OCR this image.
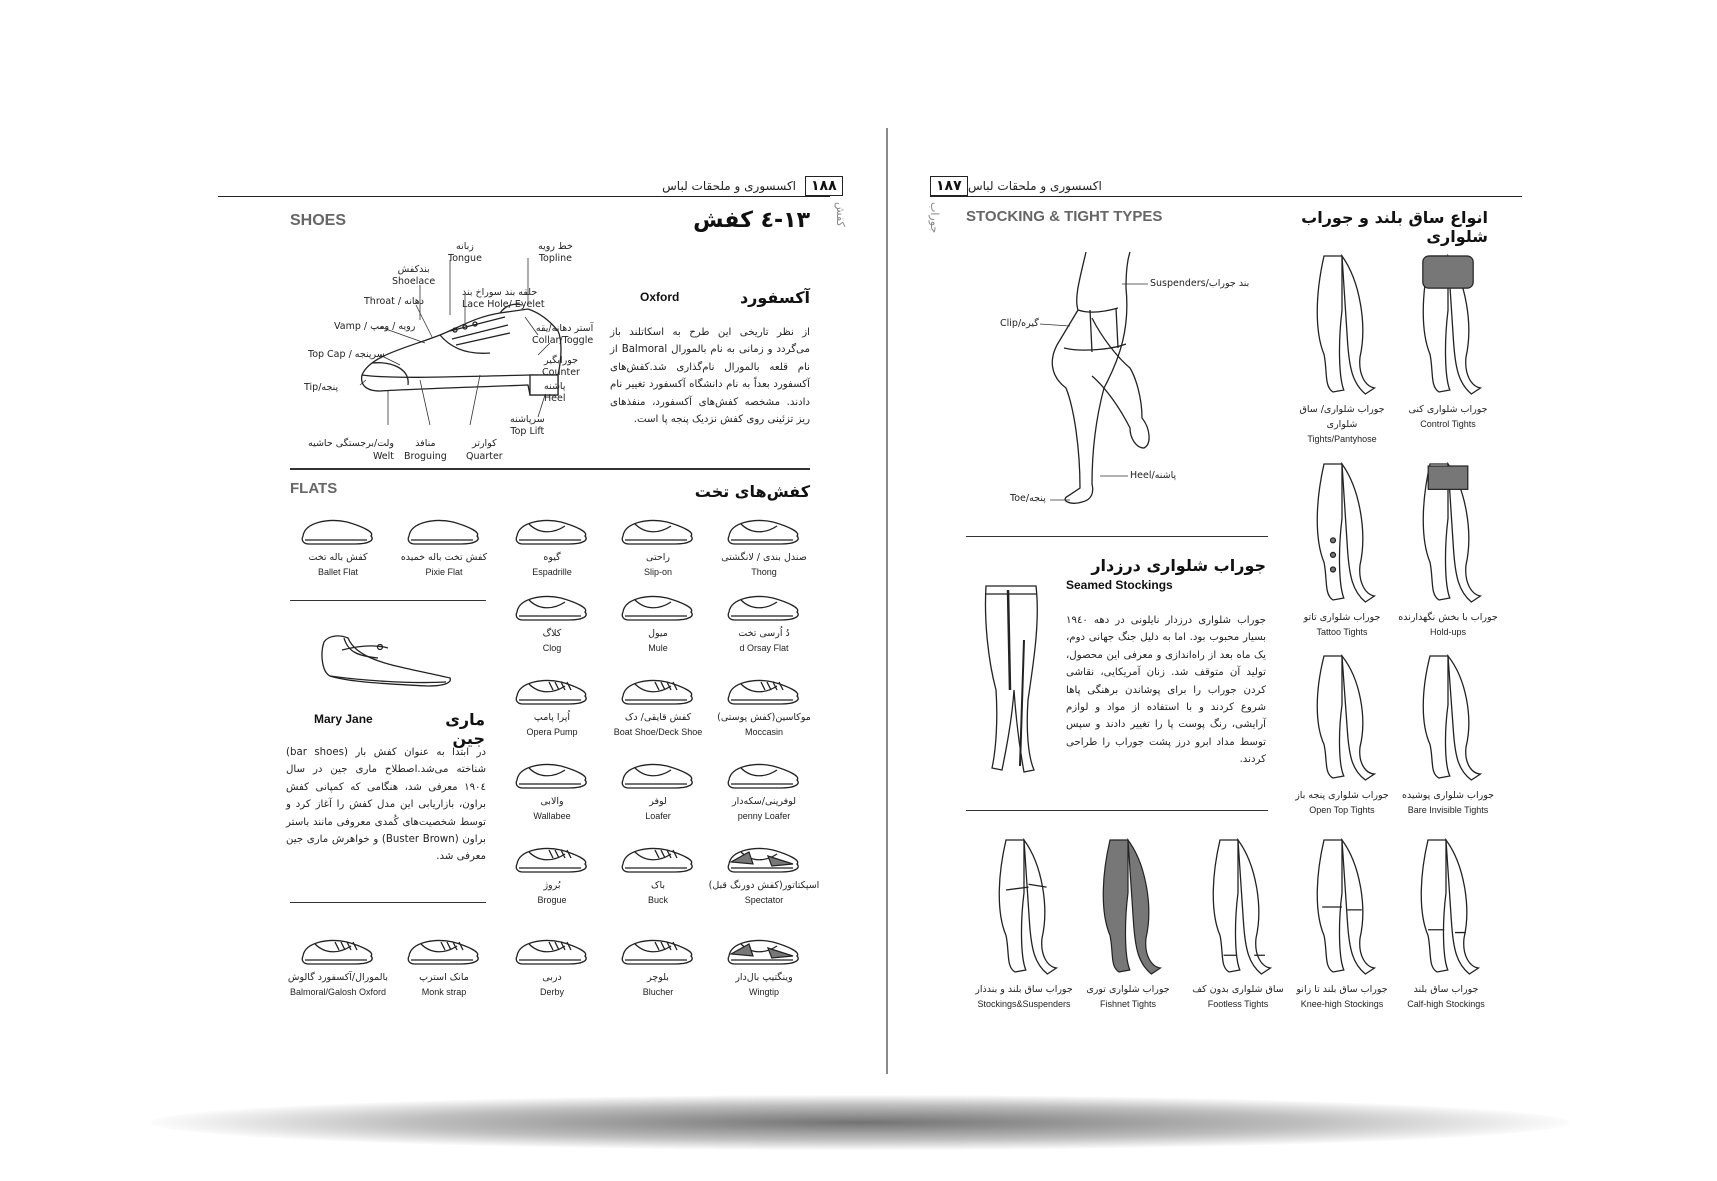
اکسسوری و ملحقات لباس	۱۸۸
کفش
SHOES	۱۳-٤ کفش
خط رویه
Topline
زبانه
Tongue
بندکفش
Shoelace
حلقه بند سوراخ بند
Lace Hole/ Eyelet
Throat / دهانه
Vamp / رویه / ومپ	آستر دهانه/یقه
Collar/Toggle
Top Cap / سرپنجه
جورابگیر
Counter
پاشنه
Heel
Tip/پنجه
سرپاشنه
Top Lift
ولت/برجستگی حاشیه
Welt
منافذ
Broguing
کوارتر
Quarter
آکسفورد
Oxford
از نظر تاریخی این طرح به اسکاتلند باز می‌گردد و زمانی به نام بالمورال Balmoral از نام قلعه بالمورال نام‌گذاری شد.کفش‌های آکسفورد بعداً به نام دانشگاه آکسفورد تغییر نام دادند. مشخصه کفش‌های آکسفورد، منفذهای ریز تزئینی روی کفش نزدیک پنجه پا است.
FLATS	کفش‌های تخت
صندل بندی / لانگشتی
Thong
راحتی
Slip-on
گیوه
Espadrille
کفش تخت باله خمیده
Pixie Flat
کفش باله تخت
Ballet Flat
دُ اُرسی تخت
d Orsay Flat
میول
Mule
کلاگ
Clog
موکاسین(کفش پوستی)
Moccasin
کفش قایقی/ دک
Boat Shoe/Deck Shoe
اُپرا پامپ
Opera Pump
لوفرپنی/سکه‌دار
penny Loafer
لوفر
Loafer
والابی
Wallabee
اسپکتاتور(کفش دورنگ قبل)
Spectator
باک
Buck
بُروژ
Brogue
ماری جین
Mary Jane
در ابتدا به عنوان کفش بار (bar shoes) شناخته می‌شد.اصطلاح ماری جین در سال ۱۹۰٤ معرفی شد، هنگامی که کمپانی کفش براون، بازاریابی این مدل کفش را آغاز کرد و توسط شخصیت‌های کُمدی معروفی مانند باستر براون (Buster Brown) و خواهرش ماری جین معرفی شد.
وینگتیپ بال‌دار
Wingtip
بلوچر
Blucher
دربی
Derby
مانک استرپ
Monk strap
بالمورال/آکسفورد گالوش
Balmoral/Galosh Oxford
۱۸۷ اکسسوری و ملحقات لباس
جوراب STOCKING & TIGHT TYPES	انواع ساق بلند و جوراب شلواری
Suspenders/بند جوراب
Clip/گیره
Heel/پاشنه
Toe/پنجه
جوراب شلواری درزدار
Seamed Stockings
جوراب شلواری درزدار نایلونی در دهه ۱۹٤۰ بسیار محبوب بود. اما به دلیل جنگ جهانی دوم، یک ماه بعد از راه‌اندازی و معرفی این محصول، تولید آن متوقف شد. زنان آمریکایی، نقاشی کردن جوراب را برای پوشاندن برهنگی پاها شروع کردند و با استفاده از مواد و لوازم آرایشی، رنگ پوست پا را تغییر دادند و سپس توسط مداد ابرو درز پشت جوراب را طراحی کردند.
جوراب شلواری کنی
Control Tights
جوراب شلواری/ ساق شلواری
Tights/Pantyhose
جوراب با بخش نگهدارنده
Hold-ups
جوراب شلواری تاتو
Tattoo Tights
جوراب شلواری پوشیده
Bare Invisible Tights
جوراب شلواری پنجه باز
Open Top Tights
جوراب ساق بلند
Calf-high Stockings
جوراب ساق بلند تا زانو
Knee-high Stockings
ساق شلواری بدون کف
Footless Tights
جوراب شلواری توری
Fishnet Tights
جوراب ساق بلند و بندذار
Stockings&Suspenders
